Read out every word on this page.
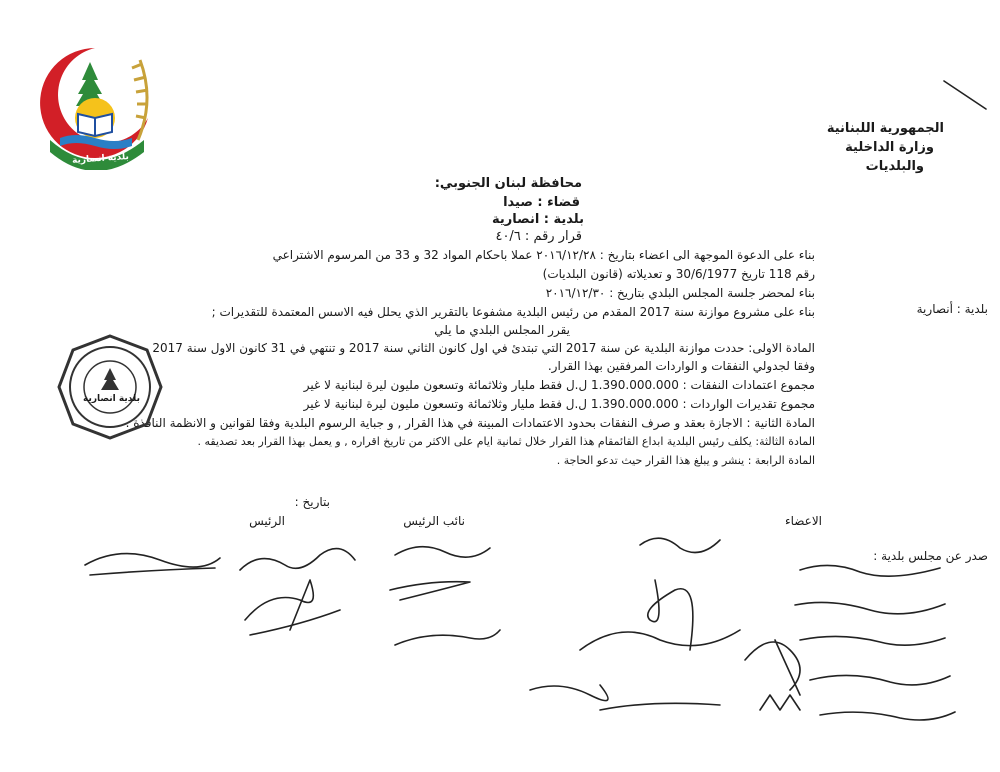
بلدية انصارية
الجمهورية اللبنانية
وزارة الداخلية
والبلديات
محافظة لبنان الجنوبي:
قضاء : صيدا
بلدية : انصارية
قرار رقم : ٤٠/٦
بلدية : أنصارية
بناء على الدعوة الموجهة الى اعضاء بتاريخ : ٢٠١٦/١٢/٢٨ عملا باحكام المواد 32 و 33 من المرسوم الاشتراعي
رقم 118 تاريخ 30/6/1977 و تعديلاته (قانون البلديات)
بناء لمحضر جلسة المجلس البلدي بتاريخ : ٢٠١٦/١٢/٣٠
بناء على مشروع موازنة سنة 2017 المقدم من رئيس البلدية مشفوعا بالتقرير الذي يحلل فيه الاسس المعتمدة للتقديرات ;
يقرر المجلس البلدي ما يلي
المادة الاولى: حددت موازنة البلدية عن سنة 2017 التي تبتدئ في اول كانون الثاني سنة 2017 و تنتهي في 31 كانون الاول سنة 2017
وفقا لجدولي النفقات و الواردات المرفقين بهذا القرار.
مجموع اعتمادات النفقات : 1.390.000.000 ل.ل فقط مليار وثلاثمائة وتسعون مليون ليرة لبنانية لا غير
مجموع تقديرات الواردات : 1.390.000.000 ل.ل فقط مليار وثلاثمائة وتسعون مليون ليرة لبنانية لا غير
المادة الثانية : الاجازة بعقد و صرف النفقات بحدود الاعتمادات المبينة في هذا القرار , و جباية الرسوم البلدية وفقا لقوانين و الانظمة النافذة .
المادة الثالثة: يكلف رئيس البلدية ابداع القائمقام هذا القرار خلال ثمانية ايام على الاكثر من تاريخ اقراره , و يعمل بهذا القرار بعد تصديقه .
المادة الرابعة : ينشر و يبلغ هذا القرار حيث تدعو الحاجة .
بلدية انصارية
بتاريخ :
الرئيس	نائب الرئيس	الاعضاء
صدر عن مجلس بلدية :
